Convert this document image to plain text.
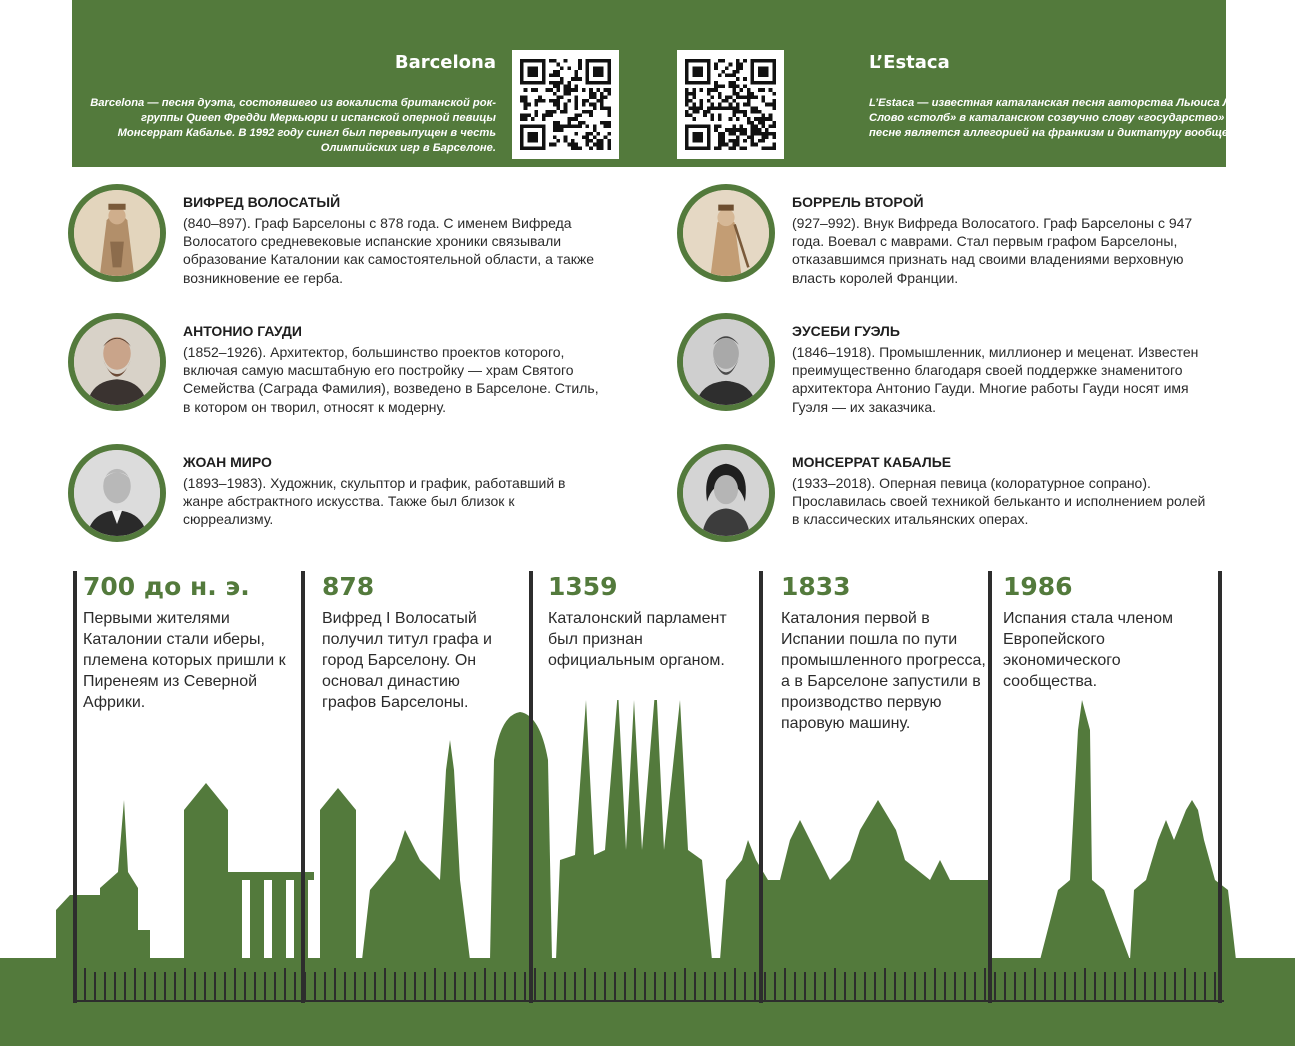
Barcelona
Barcelona — песня дуэта, состоявшего из вокалиста британской рок-группы Queen Фредди Меркьюри и испанской оперной певицы Монсеррат Кабалье. В 1992 году сингл был перевыпущен в честь Олимпийских игр в Барселоне.
L’Estaca
L’Estaca — известная каталанская песня авторства Льюиса Льяка. Слово «столб» в каталанском созвучно слову «государство» (estat) и в песне является аллегорией на франкизм и диктатуру вообще.
ВИФРЕД ВОЛОСАТЫЙ
(840–897). Граф Барселоны с 878 года. С именем Вифреда Волосатого средневековые испанские хроники связывали образование Каталонии как самостоятельной области, а также возникновение ее герба.
БОРРЕЛЬ ВТОРОЙ
(927–992). Внук Вифреда Волосатого. Граф Барселоны с 947 года. Воевал с маврами. Стал первым графом Барселоны, отказавшимся признать над своими владениями верховную власть королей Франции.
АНТОНИО ГАУДИ
(1852–1926). Архитектор, большинство проектов которого, включая самую масштабную его постройку — храм Святого Семейства (Саграда Фамилия), возведено в Барселоне. Стиль, в котором он творил, относят к модерну.
ЭУСЕБИ ГУЭЛЬ
(1846–1918). Промышленник, миллионер и меценат. Известен преимущественно благодаря своей поддержке знаменитого архитектора Антонио Гауди. Многие работы Гауди носят имя Гуэля — их заказчика.
ЖОАН МИРО
(1893–1983). Художник, скульптор и график, работавший в жанре абстрактного искусства. Также был близок к сюрреализму.
МОНСЕРРАТ КАБАЛЬЕ
(1933–2018). Оперная певица (колоратурное сопрано). Прославилась своей техникой бельканто и исполнением ролей в классических итальянских операх.
700 до н. э.
Первыми жителями Каталонии стали иберы, племена которых пришли к Пиренеям из Северной Африки.
878
Вифред I Волосатый получил титул графа и город Барселону. Он основал династию графов Барселоны.
1359
Каталонский парламент был признан официальным органом.
1833
Каталония первой в Испании пошла по пути промышленного прогресса, а в Барселоне запустили в производство первую паровую машину.
1986
Испания стала членом Европейского экономического сообщества.
